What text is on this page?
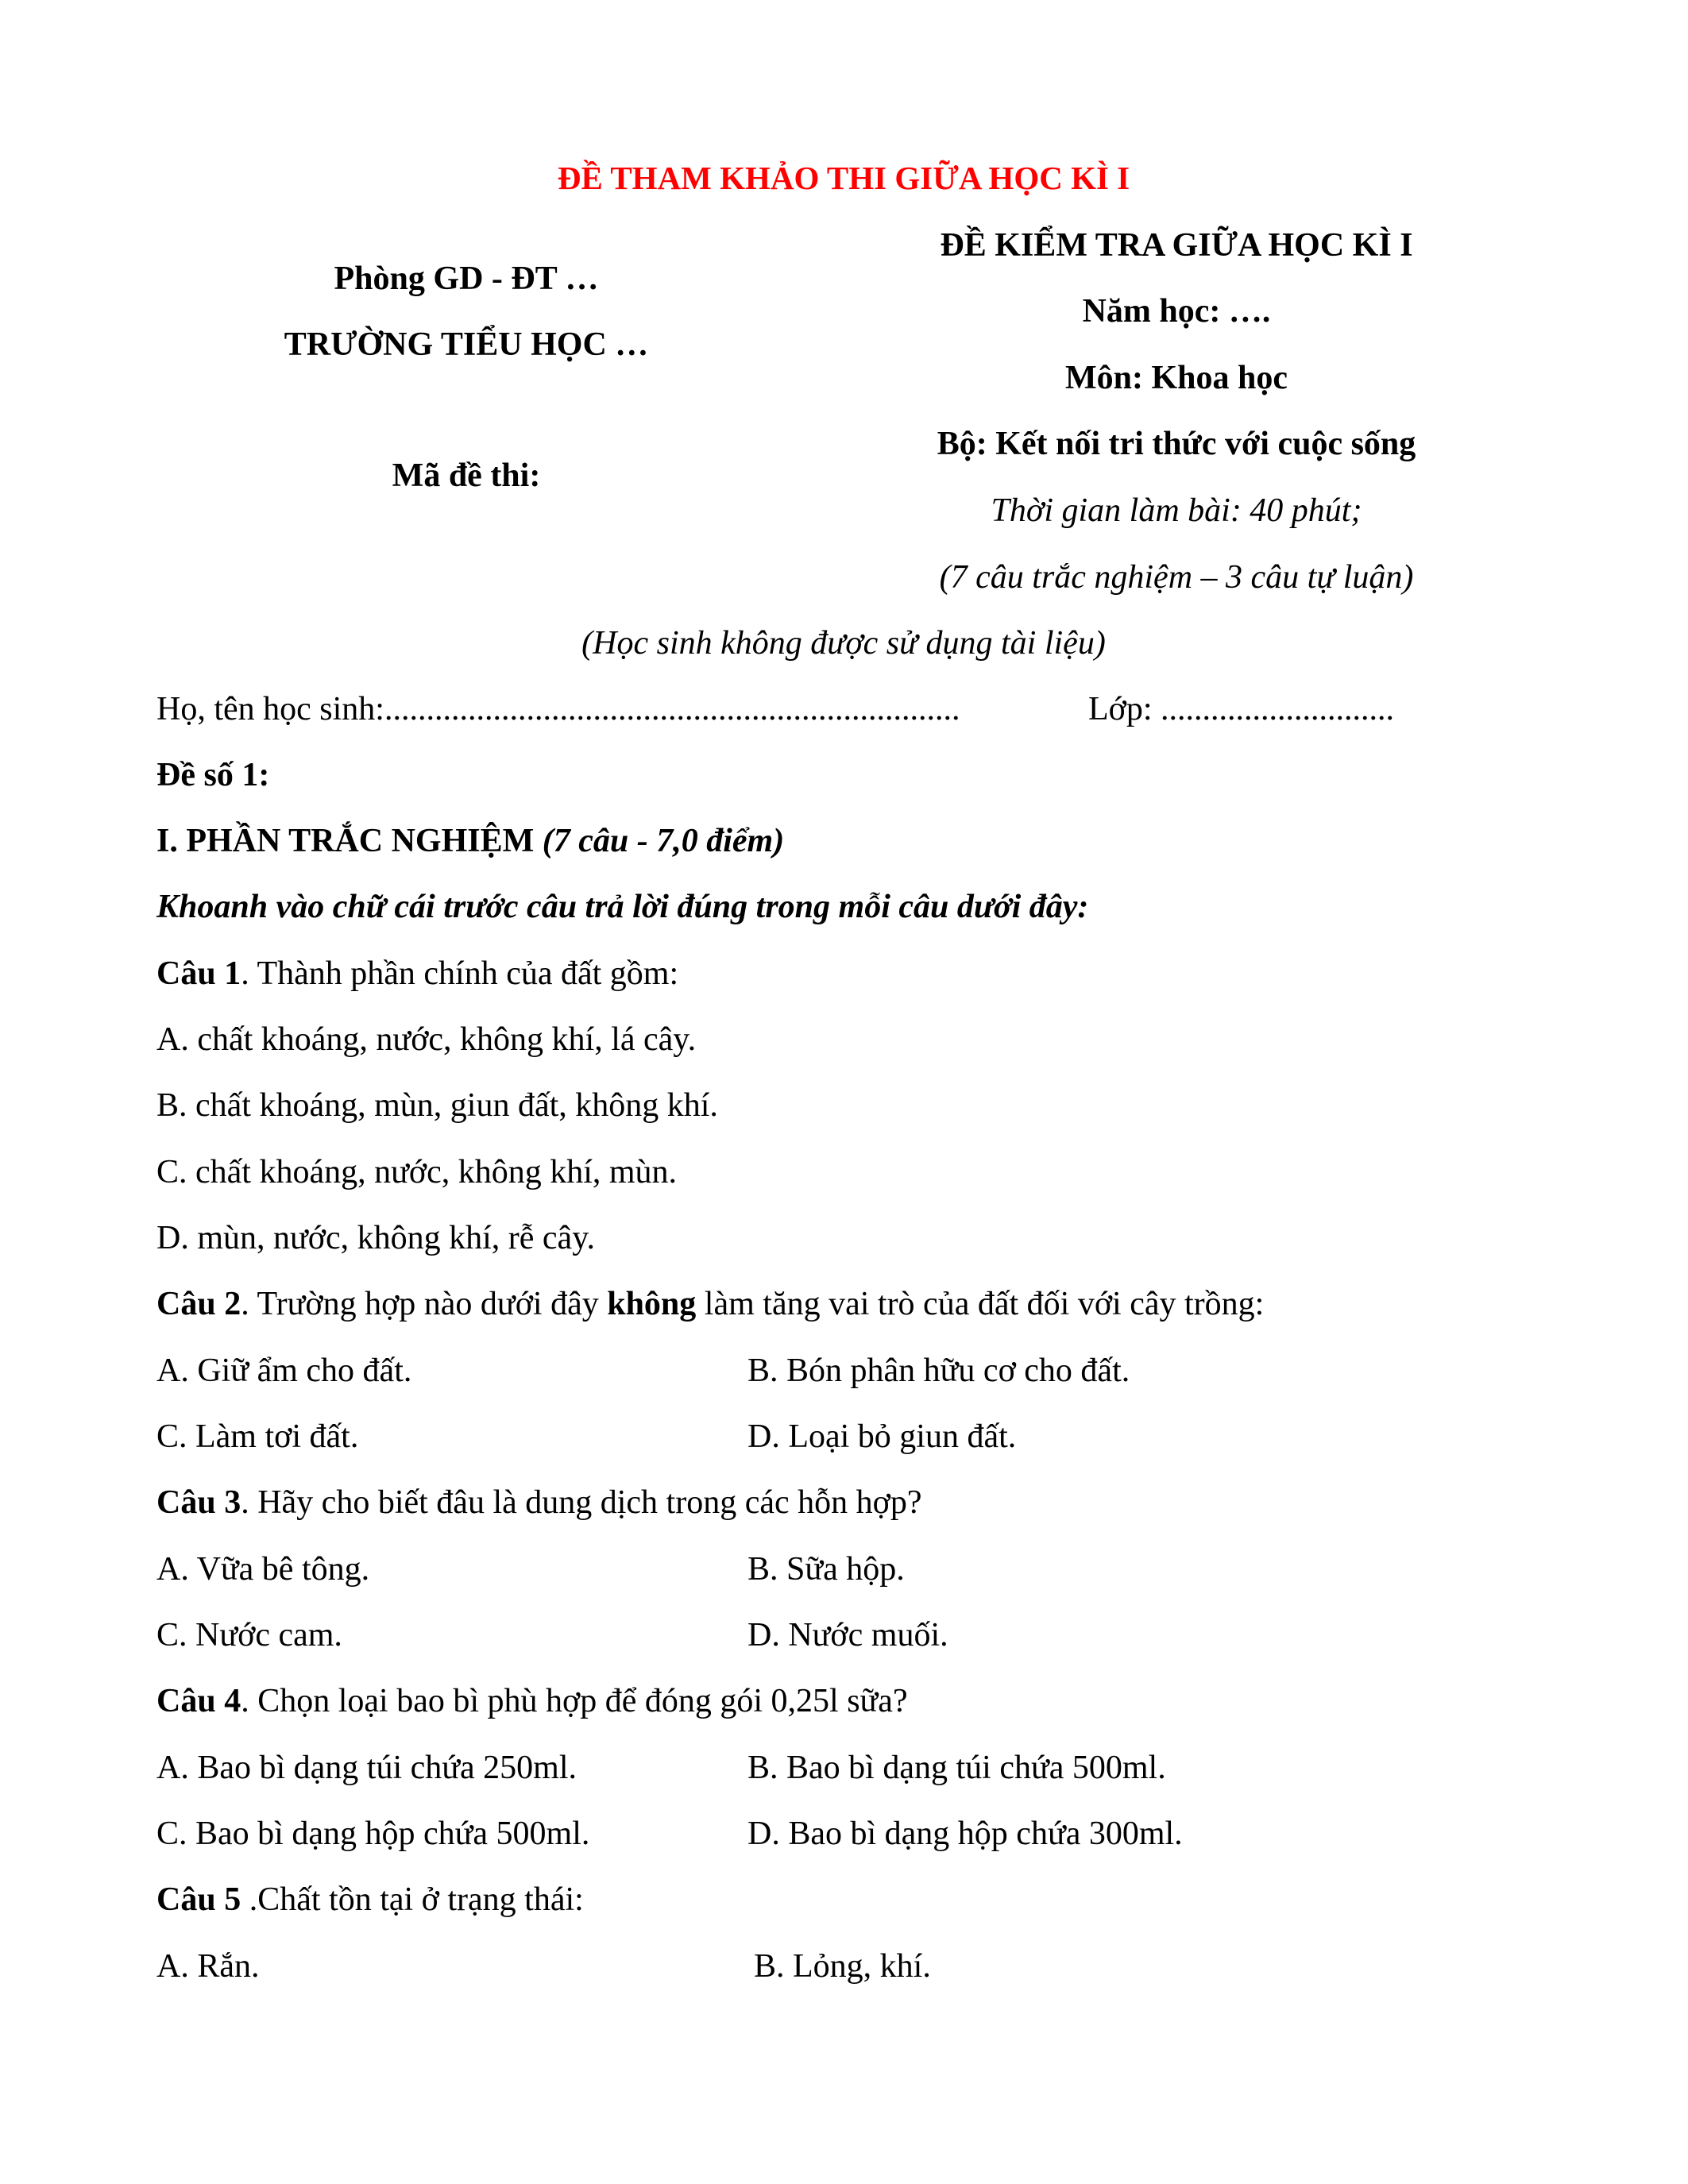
ĐỀ THAM KHẢO THI GIỮA HỌC KÌ I
Phòng GD - ĐT …
TRƯỜNG TIỂU HỌC …
Mã đề thi:
ĐỀ KIỂM TRA GIỮA HỌC KÌ I
Năm học: ….
Môn: Khoa học
Bộ: Kết nối tri thức với cuộc sống
Thời gian làm bài: 40 phút;
(7 câu trắc nghiệm – 3 câu tự luận)
(Học sinh không được sử dụng tài liệu)
Họ, tên học sinh:.....................................................................	Lớp: ............................
Đề số 1:
I. PHẦN TRẮC NGHIỆM (7 câu - 7,0 điểm)
Khoanh vào chữ cái trước câu trả lời đúng trong mỗi câu dưới đây:
Câu 1. Thành phần chính của đất gồm:
A. chất khoáng, nước, không khí, lá cây.
B. chất khoáng, mùn, giun đất, không khí.
C. chất khoáng, nước, không khí, mùn.
D. mùn, nước, không khí, rễ cây.
Câu 2. Trường hợp nào dưới đây không làm tăng vai trò của đất đối với cây trồng:
A. Giữ ẩm cho đất.	B. Bón phân hữu cơ cho đất.
C. Làm tơi đất.	D. Loại bỏ giun đất.
Câu 3. Hãy cho biết đâu là dung dịch trong các hỗn hợp?
A. Vữa bê tông.	B. Sữa hộp.
C. Nước cam.	D. Nước muối.
Câu 4. Chọn loại bao bì phù hợp để đóng gói 0,25l sữa?
A. Bao bì dạng túi chứa 250ml.	B. Bao bì dạng túi chứa 500ml.
C. Bao bì dạng hộp chứa 500ml.	D. Bao bì dạng hộp chứa 300ml.
Câu 5 .Chất tồn tại ở trạng thái:
A. Rắn.	B. Lỏng, khí.
